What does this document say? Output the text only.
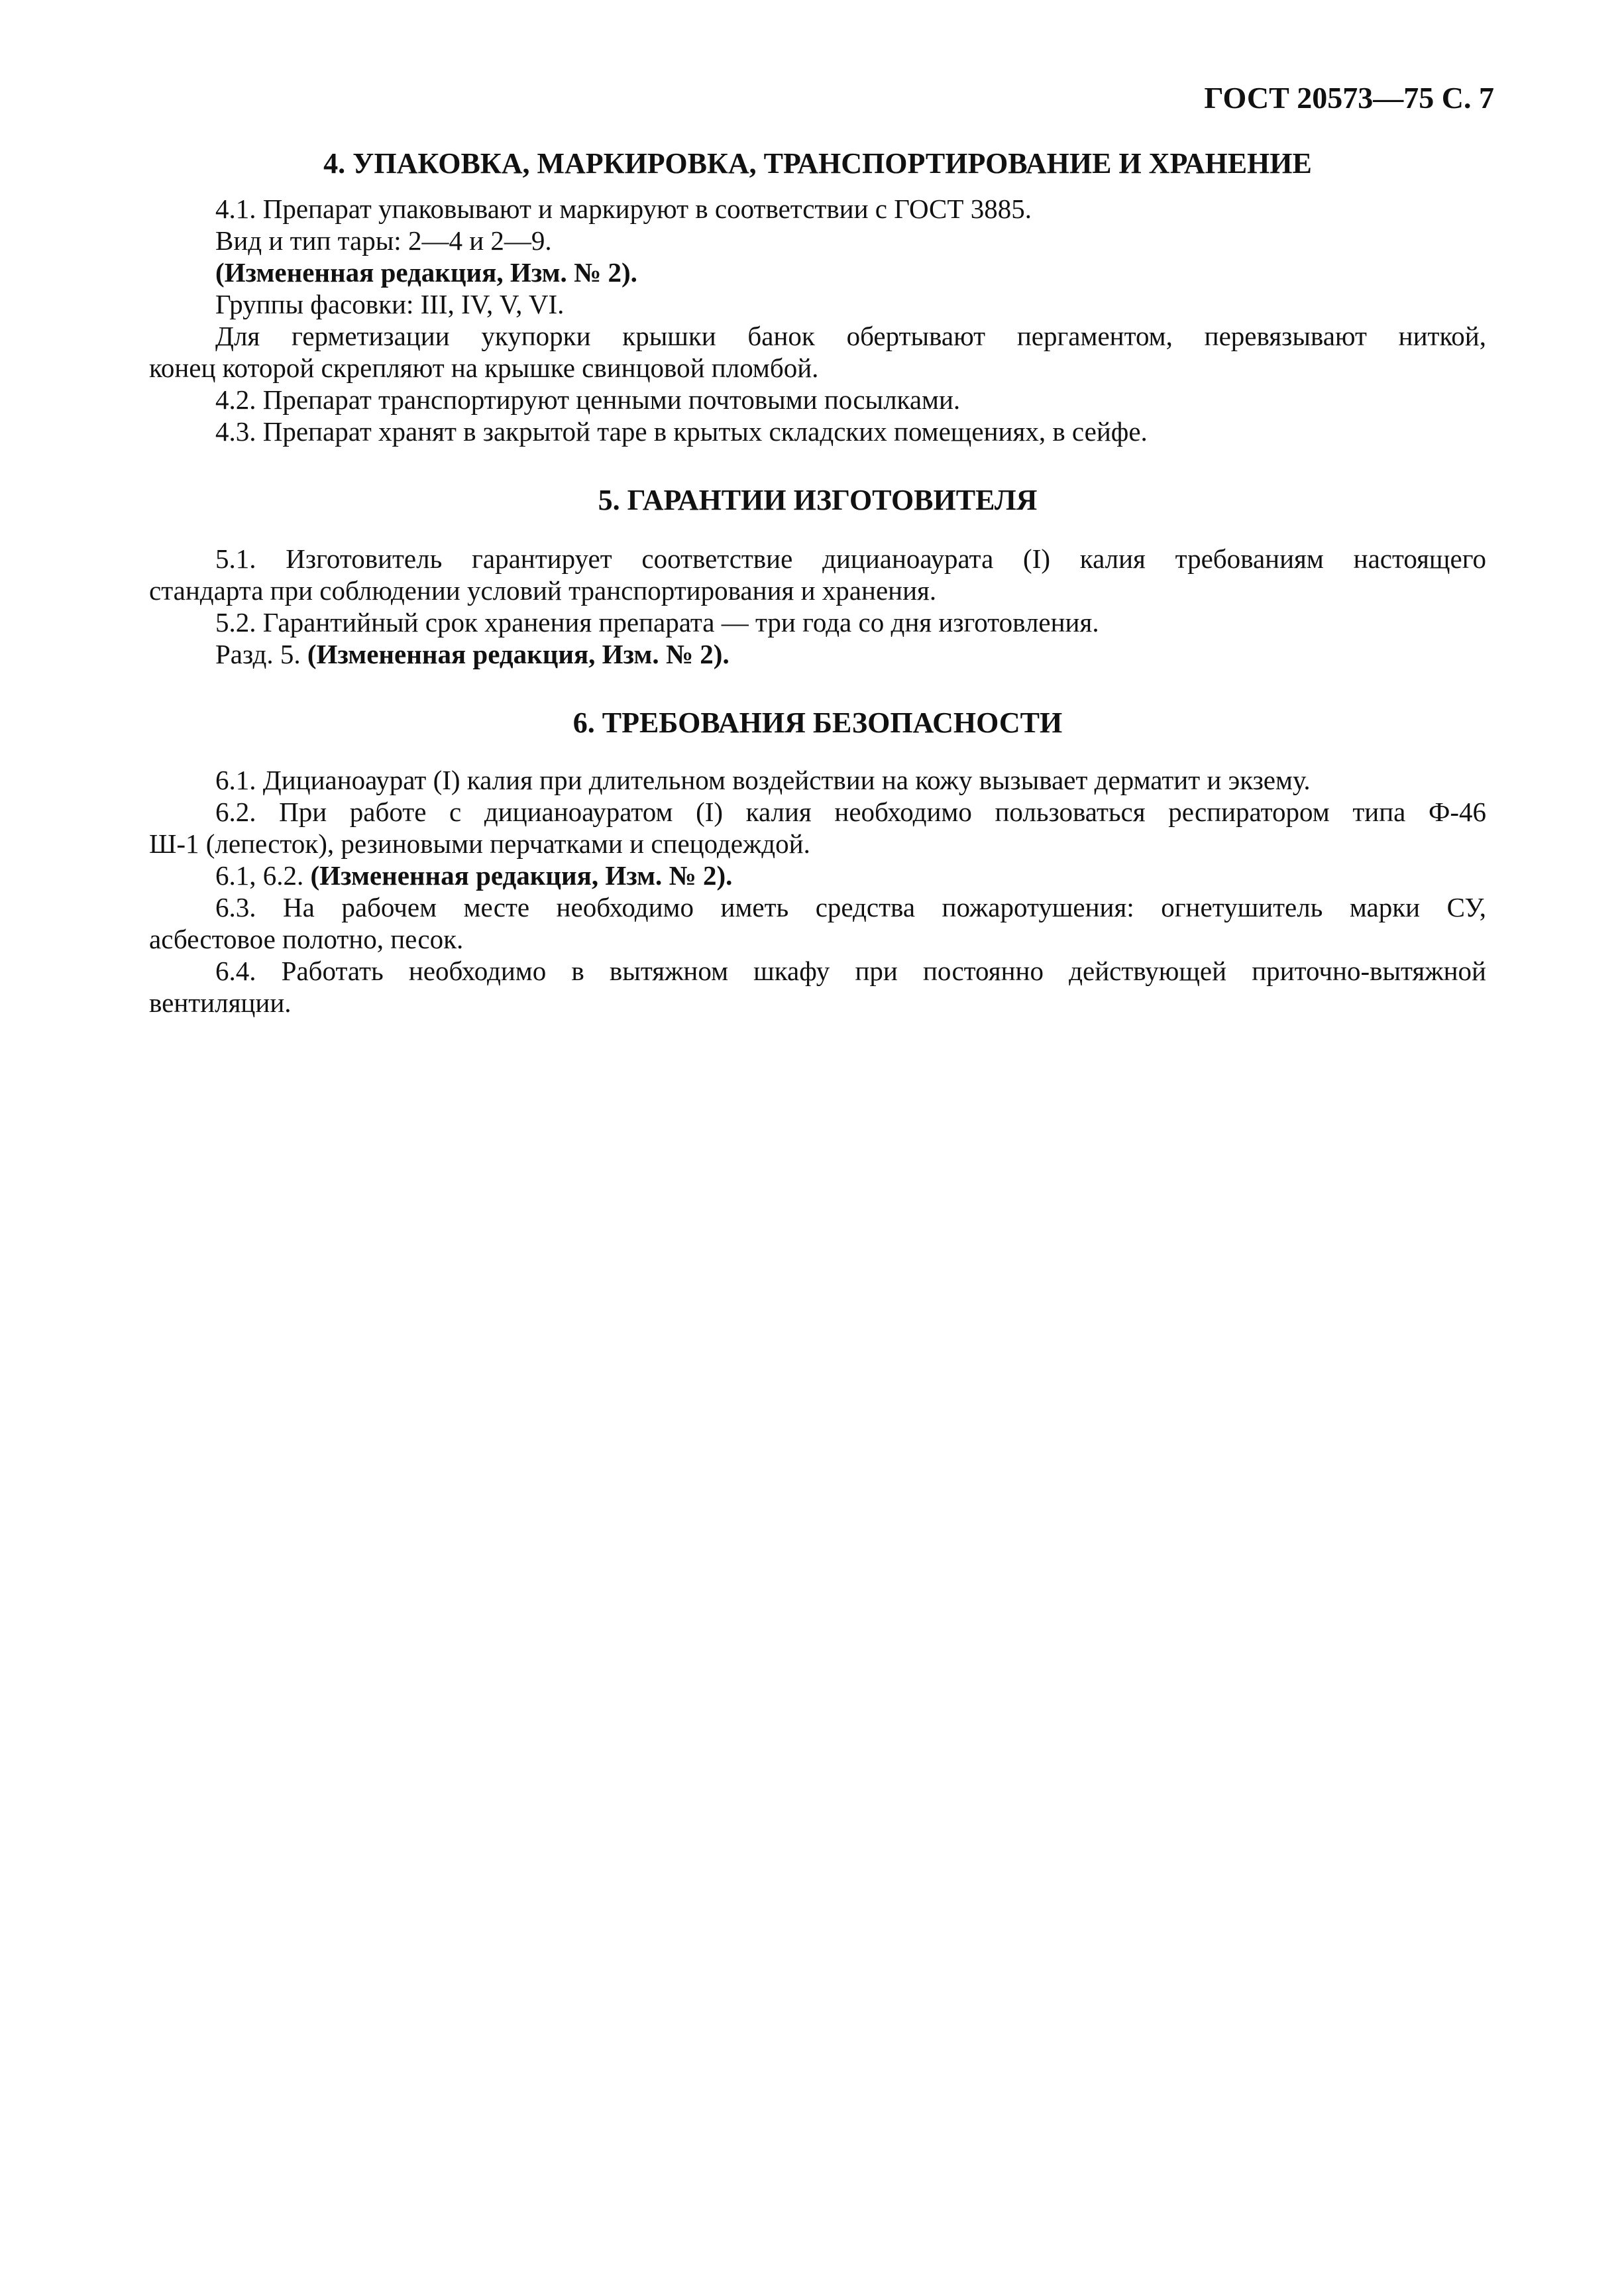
ГОСТ 20573—75 С. 7
4. УПАКОВКА, МАРКИРОВКА, ТРАНСПОРТИРОВАНИЕ И ХРАНЕНИЕ
4.1. Препарат упаковывают и маркируют в соответствии с ГОСТ 3885.
Вид и тип тары: 2—4 и 2—9.
(Измененная редакция, Изм. № 2).
Группы фасовки: III, IV, V, VI.
Для герметизации укупорки крышки банок обертывают пергаментом, перевязывают ниткой,
конец которой скрепляют на крышке свинцовой пломбой.
4.2. Препарат транспортируют ценными почтовыми посылками.
4.3. Препарат хранят в закрытой таре в крытых складских помещениях, в сейфе.
5. ГАРАНТИИ ИЗГОТОВИТЕЛЯ
5.1. Изготовитель гарантирует соответствие дицианоаурата (I) калия требованиям настоящего
стандарта при соблюдении условий транспортирования и хранения.
5.2. Гарантийный срок хранения препарата — три года со дня изготовления.
Разд. 5. (Измененная редакция, Изм. № 2).
6. ТРЕБОВАНИЯ БЕЗОПАСНОСТИ
6.1. Дицианоаурат (I) калия при длительном воздействии на кожу вызывает дерматит и экзему.
6.2. При работе с дицианоауратом (I) калия необходимо пользоваться респиратором типа Ф-46
Ш-1 (лепесток), резиновыми перчатками и спецодеждой.
6.1, 6.2. (Измененная редакция, Изм. № 2).
6.3. На рабочем месте необходимо иметь средства пожаротушения: огнетушитель марки СУ,
асбестовое полотно, песок.
6.4. Работать необходимо в вытяжном шкафу при постоянно действующей приточно-вытяжной
вентиляции.
